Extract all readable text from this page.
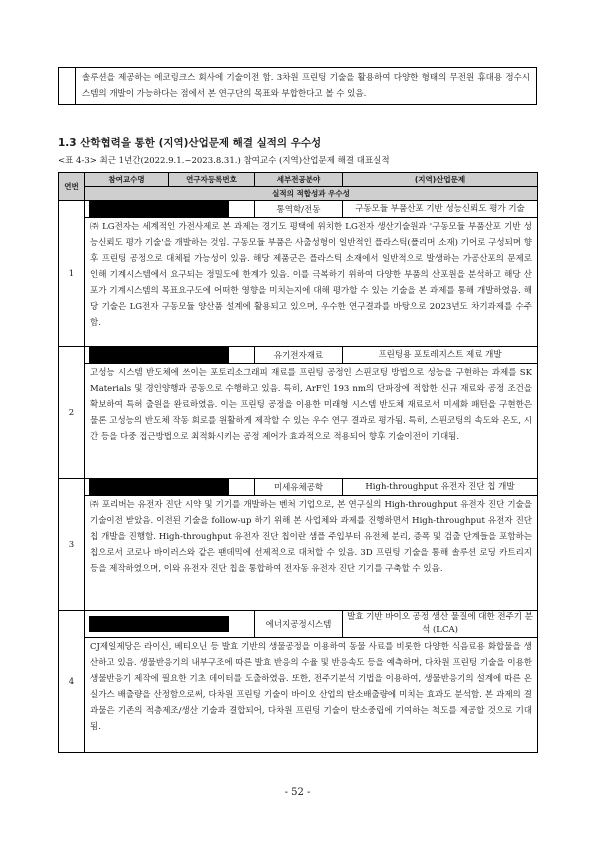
	솔루션을 제공하는 에코링크스 회사에 기술이전 함. 3차원 프린팅 기술을 활용하여 다양한 형태의 무전원 휴대용 정수시스템의 개발이 가능하다는 점에서 본 연구단의 목표와 부합한다고 볼 수 있음.
1.3 산학협력을 통한 (지역)산업문제 해결 실적의 우수성
<표 4-3> 최근 1년간(2022.9.1.~2023.8.31.) 참여교수 (지역)산업문제 해결 대표실적
연번	참여교수명	연구자등록번호	세부전공분야	(지역)산업문제
	실적의 적합성과 우수성			
1			통역학/전동	구동모듈 부품산포 기반 성능신뢰도 평가 기술
	㈜ LG전자는 세계적인 가전사제로 본 과제는 경기도 평택에 위치한 LG전자 생산기술원과 '구동모듈 부품산포 기반 성능신뢰도 평가 기술'을 개발하는 것임. 구동모듈 부품은 사출성형이 일반적인 플라스틱(폴리머 소재) 기어로 구성되며 향후 프린팅 공정으로 대체될 가능성이 있음. 해당 제품군은 플라스틱 소재에서 일반적으로 발생하는 가공산포의 문제로 인해 기계시스템에서 요구되는 정밀도에 한계가 있음. 이를 극복하기 위하여 다양한 부품의 산포원을 분석하고 해당 산포가 기계시스템의 목표요구도에 어떠한 영향을 미치는지에 대해 평가할 수 있는 기술을 본 과제를 통해 개발하였음. 해당 기술은 LG전자 구동모듈 양산품 설계에 활용되고 있으며, 우수한 연구결과를 바탕으로 2023년도 차기과제를 수주함.			
2			유기전자재료	프린팅용 포토레지스트 제료 개발
	고성능 시스템 반도체에 쓰이는 포토리소그래피 재료를 프린팅 공정인 스핀코팅 방법으로 성능을 구현하는 과제를 SK Materials 및 경인양행과 공동으로 수행하고 있음. 특히, ArF인 193 nm의 단파장에 적합한 신규 재료와 공정 조건을 확보하여 특허 출원을 완료하였음. 이는 프린팅 공정을 이용한 미래형 시스템 반도체 재료로서 미세화 패턴을 구현한은 물론 고성능의 반도체 작동 회로를 원활하게 제작할 수 있는 우수 연구 결과로 평가됨. 특히, 스핀코팅의 속도와 온도, 시간 등을 다중 접근방법으로 최적화시키는 공정 제어가 효과적으로 적용되어 향후 기술이전이 기대됨.			
3			미세유체공학	High-throughput 유전자 진단 칩 개발
	㈜ 포리버는 유전자 진단 시약 및 기기를 개발하는 벤처 기업으로, 본 연구실의 High-throughput 유전자 진단 기술을 기술이전 받았음. 이전된 기술을 follow-up 하기 위해 본 사업체와 과제를 진행하면서 High-throughput 유전자 진단칩 개발을 진행함. High-throughput 유전자 진단 칩이란 샘플 주입부터 유전체 분리, 증폭 및 검출 단계들을 포함하는 칩으로서 코로나 바이러스와 같은 팬데믹에 선제적으로 대처할 수 있음. 3D 프린팅 기술을 통해 솔루션 로딩 카트리지 등을 제작하였으며, 이와 유전자 진단 칩을 통합하여 전자동 유전자 진단 기기를 구축할 수 있음.			
4			에너지공정시스템	발효 기반 바이오 공정 생산 물질에 대한 전주기 분석 (LCA)
	CJ제일제당은 라이신, 베티오닌 등 발효 기반의 생물공정을 이용하여 동물 사료를 비롯한 다양한 식음료용 화합물을 생산하고 있음. 생물반응기의 내부구조에 따른 발효 반응의 수율 및 반응속도 등을 예측하며, 다차원 프린팅 기술을 이용한 생물반응기 제작에 필요한 기초 데이터를 도출하였음. 또한, 전주기분석 기법을 이용하여, 생물반응기의 설계에 따른 온실가스 배출량을 산정함으로써, 다차원 프린팅 기술이 바이오 산업의 탄소배출량에 미치는 효과도 분석함. 본 과제의 결과물은 기존의 적층제조/생산 기술과 결합되어, 다차원 프린팅 기술이 탄소중립에 기여하는 척도를 제공할 것으로 기대됨.			
- 52 -
